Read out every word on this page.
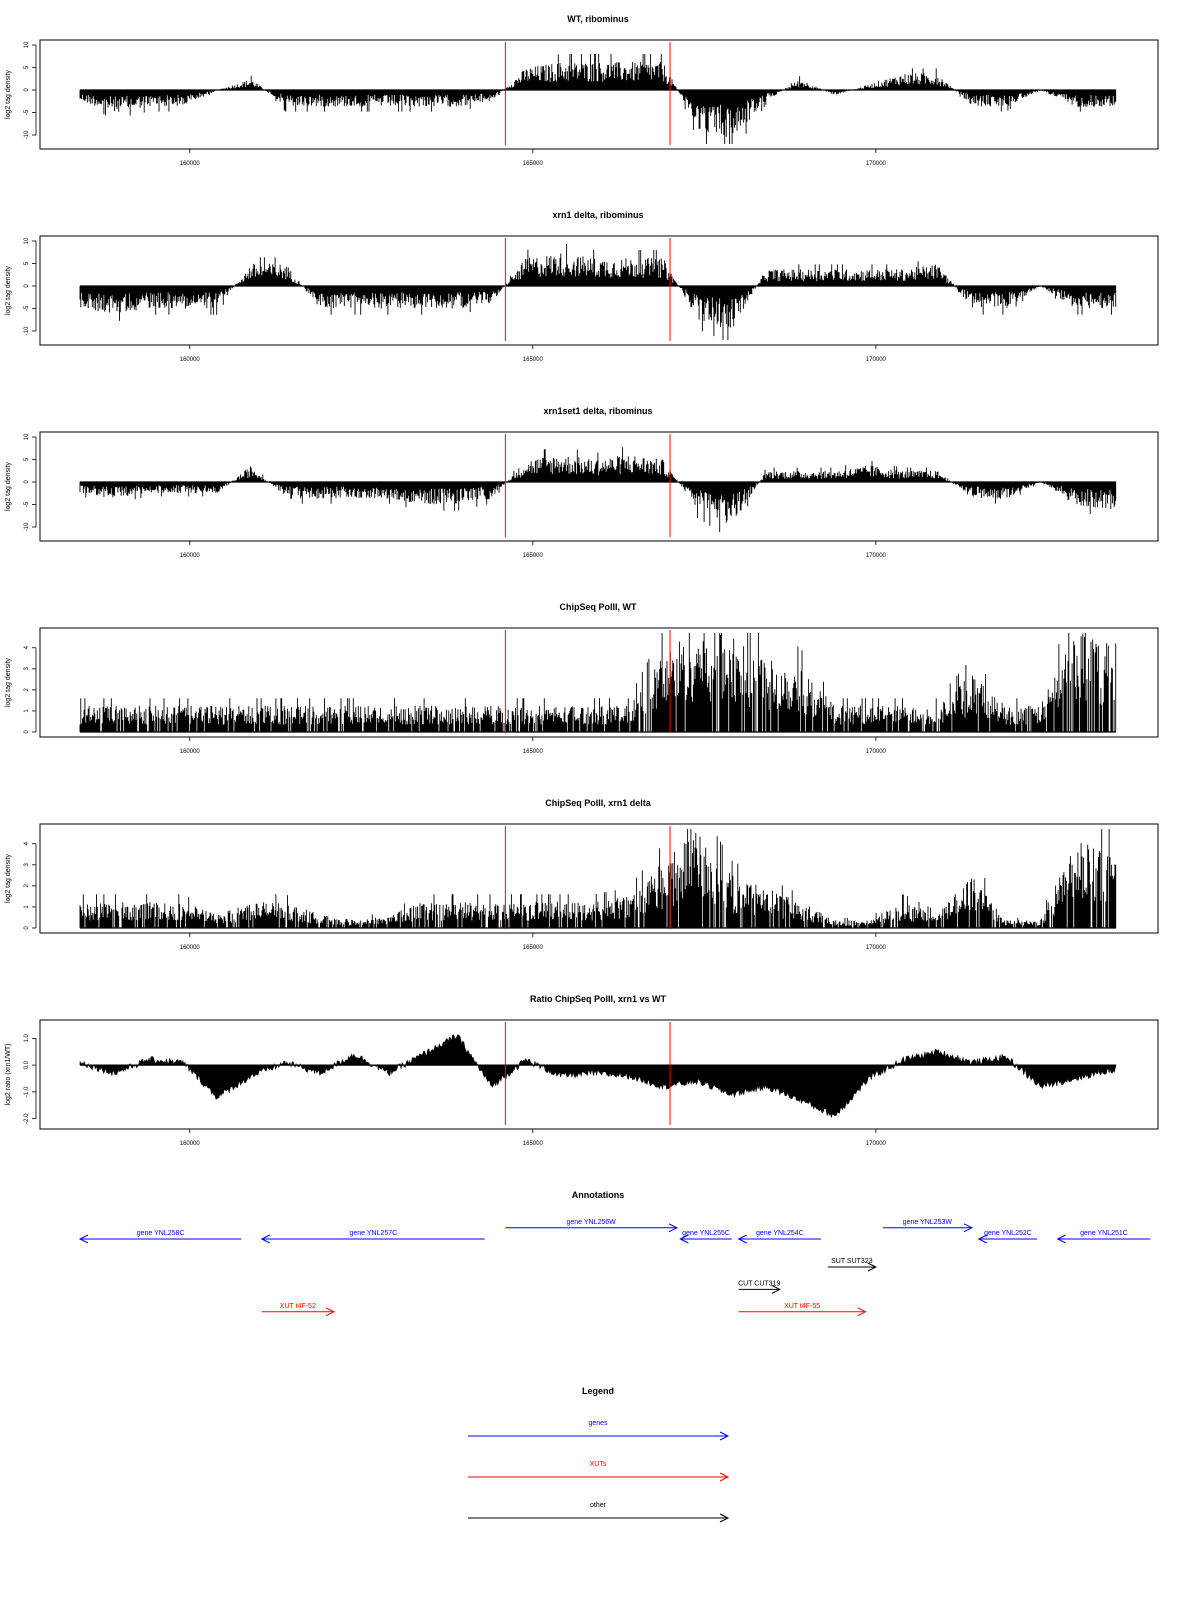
WT, ribominus
log2 tag density
10
5
0
-5
-10
160000	165000	170000
xrn1 delta, ribominus
log2 tag density
10
5
0
-5
-10
160000	165000	170000
xrn1set1 delta, ribominus
log2 tag density
10
5
0
-5
-10
160000	165000	170000
ChipSeq PolII, WT
log2 tag density
0
1
2
3
4
160000	165000	170000
ChipSeq PolII, xrn1 delta
log2 tag density
0
1
2
3
4
160000	165000	170000
Ratio ChipSeq PolII, xrn1 vs WT
log2 ratio (xrn1/WT)
1.0
0.0
-1.0
-2.0
160000	165000	170000
Annotations
gene YNL258C	gene YNL257C
gene YNL256W
gene YNL255C	gene YNL254C
gene YNL253W
gene YNL252C	gene YNL251C
SUT SUT323
CUT CUT319
XUT t4F-52	XUT t4F-55
Legend
genes
XUTs
other
